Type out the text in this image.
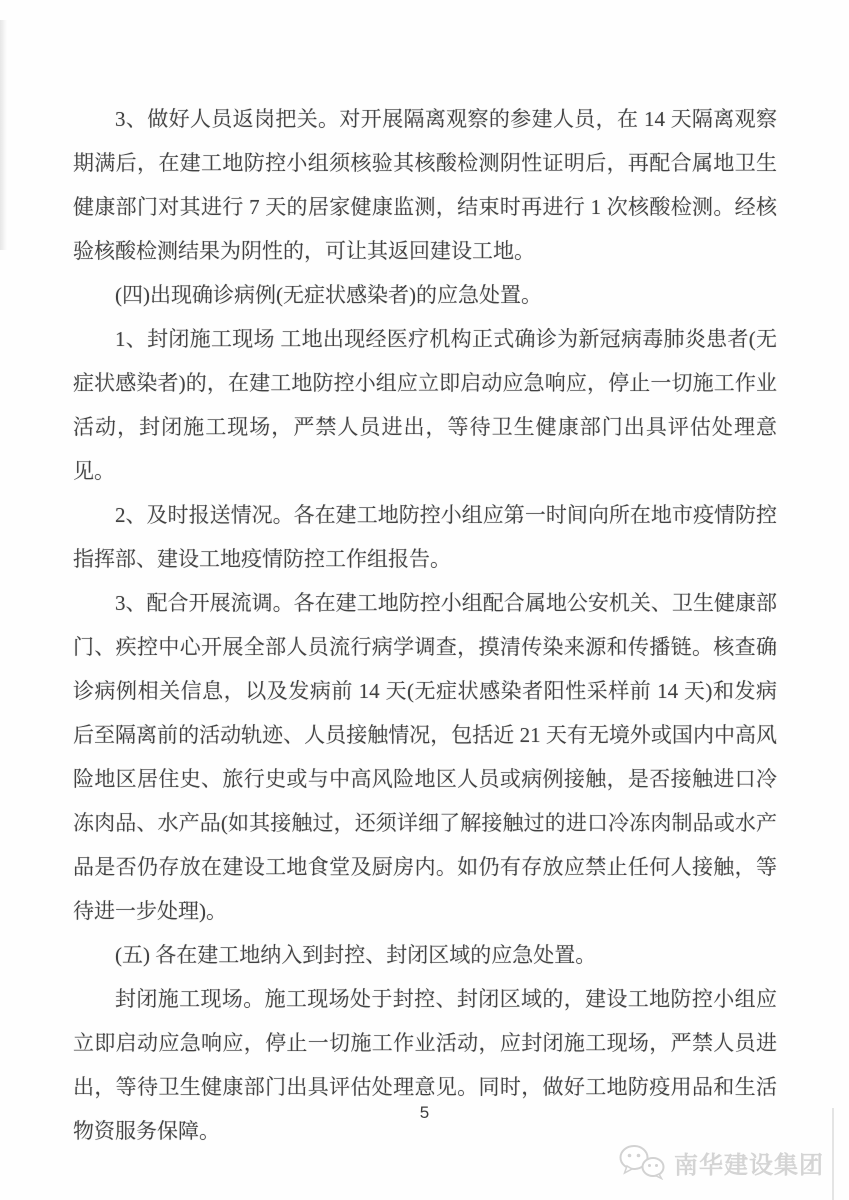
3、做好人员返岗把关。对开展隔离观察的参建人员，在 14 天隔离观察期满后，在建工地防控小组须核验其核酸检测阴性证明后，再配合属地卫生健康部门对其进行 7 天的居家健康监测，结束时再进行 1 次核酸检测。经核验核酸检测结果为阴性的，可让其返回建设工地。

(四)出现确诊病例(无症状感染者)的应急处置。

1、封闭施工现场 工地出现经医疗机构正式确诊为新冠病毒肺炎患者(无症状感染者)的，在建工地防控小组应立即启动应急响应，停止一切施工作业活动，封闭施工现场，严禁人员进出，等待卫生健康部门出具评估处理意见。

2、及时报送情况。各在建工地防控小组应第一时间向所在地市疫情防控指挥部、建设工地疫情防控工作组报告。

3、配合开展流调。各在建工地防控小组配合属地公安机关、卫生健康部门、疾控中心开展全部人员流行病学调查，摸清传染来源和传播链。核查确诊病例相关信息，以及发病前 14 天(无症状感染者阳性采样前 14 天)和发病后至隔离前的活动轨迹、人员接触情况，包括近 21 天有无境外或国内中高风险地区居住史、旅行史或与中高风险地区人员或病例接触，是否接触进口冷冻肉品、水产品(如其接触过，还须详细了解接触过的进口冷冻肉制品或水产品是否仍存放在建设工地食堂及厨房内。如仍有存放应禁止任何人接触，等待进一步处理)。

(五) 各在建工地纳入到封控、封闭区域的应急处置。

封闭施工现场。施工现场处于封控、封闭区域的，建设工地防控小组应立即启动应急响应，停止一切施工作业活动，应封闭施工现场，严禁人员进出，等待卫生健康部门出具评估处理意见。同时，做好工地防疫用品和生活物资服务保障。

5
南华建设集团
